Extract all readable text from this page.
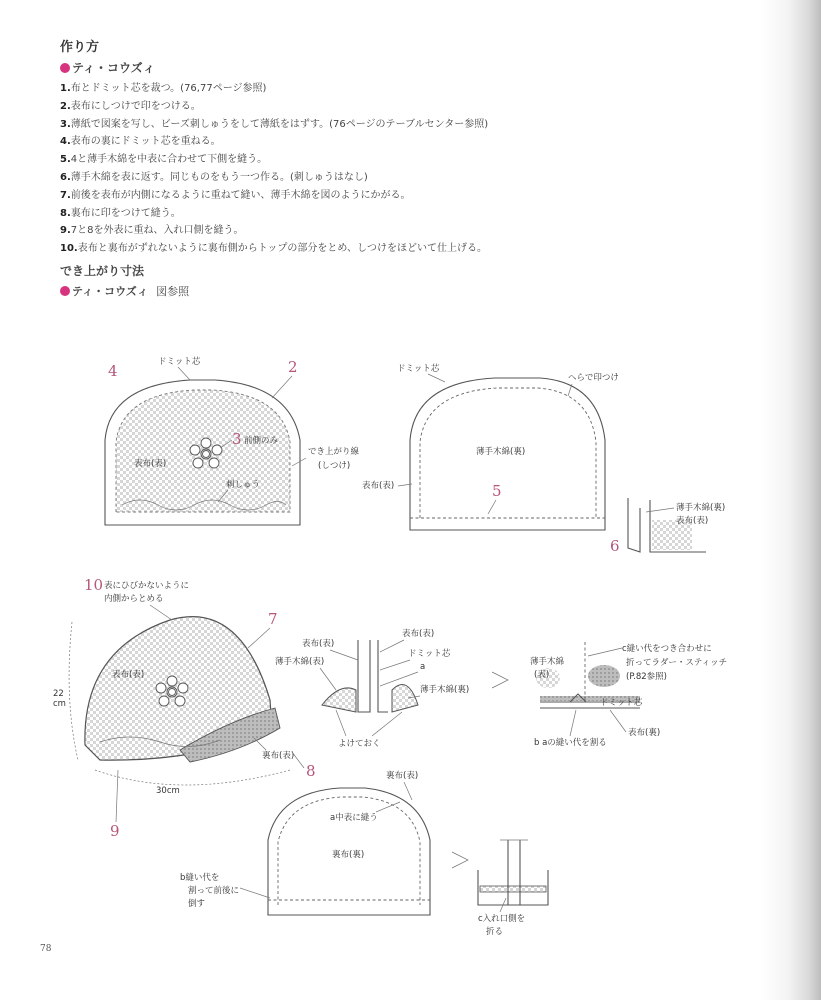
作り方
ティ・コウズィ
1.布とドミット芯を裁つ。(76,77ページ参照)
2.表布にしつけで印をつける。
3.薄紙で図案を写し、ビーズ刺しゅうをして薄紙をはずす。(76ページのテーブルセンター参照)
4.表布の裏にドミット芯を重ねる。
5.4と薄手木綿を中表に合わせて下側を縫う。
6.薄手木綿を表に返す。同じものをもう一つ作る。(刺しゅうはなし)
7.前後を表布が内側になるように重ねて縫い、薄手木綿を図のようにかがる。
8.裏布に印をつけて縫う。
9.7と8を外表に重ね、入れ口側を縫う。
10.表布と裏布がずれないように裏布側からトップの部分をとめ、しつけをほどいて仕上げる。
でき上がり寸法
ティ・コウズィ 図参照
4	ドミット芯	2
3 前側のみ
でき上がり線
(しつけ)
表布(表)
刺しゅう
ドミット芯
へらで印つけ
薄手木綿(裏)
表布(表)	5
6
薄手木綿(裏)
表布(表)
10 表にひびかないように
内側からとめる
7
22
cm
表布(表)
裏布(表)
30cm
8
9
表布(表)
表布(表)
薄手木綿(表)
ドミット芯
a
薄手木綿(裏)
よけておく
薄手木綿
(表)
c縫い代をつき合わせに
折ってラダー・スティッチ
(P.82参照)
ドミット芯
表布(裏)
b aの縫い代を割る
裏布(表)
a中表に縫う
裏布(裏)
b縫い代を
割って前後に
倒す
c入れ口側を
折る
78
